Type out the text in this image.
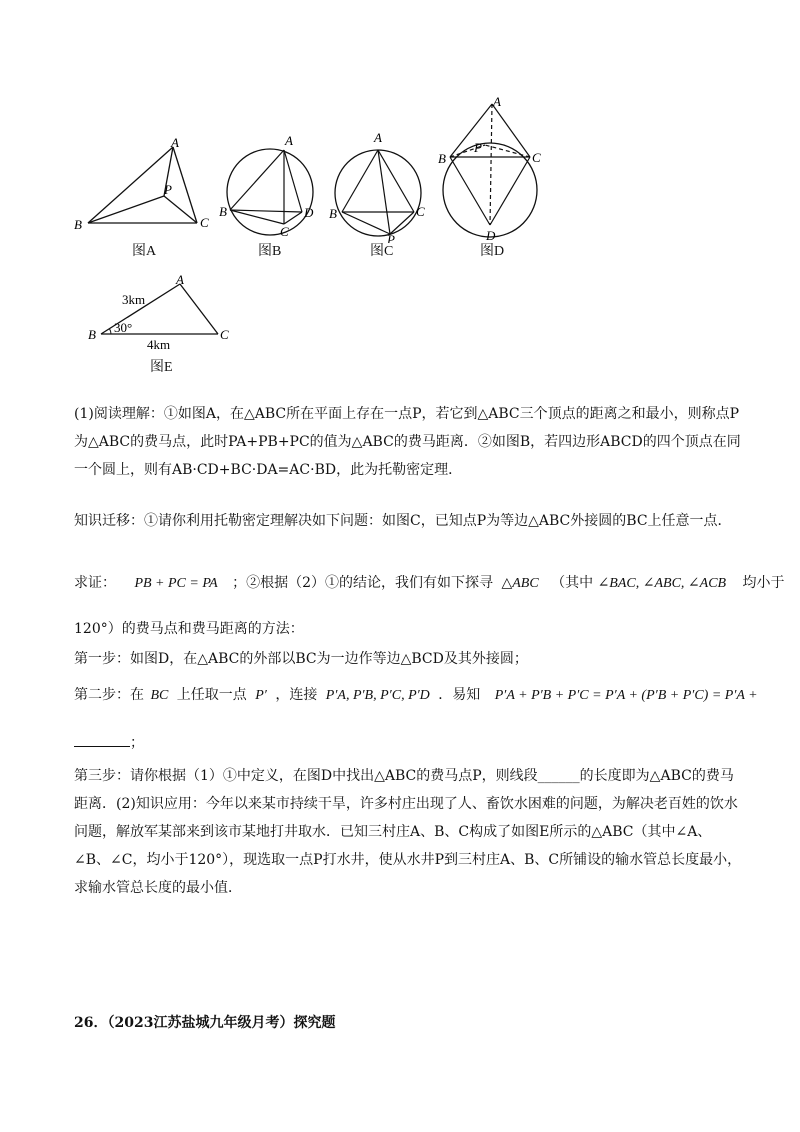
A
B	C
P
图A
A
B
C
D
图B
A
B	C
P
图C
A
B	C
D
P
图D
A
B	C
3km
4km
30°
图E
(1)阅读理解：①如图A，在△ABC所在平面上存在一点P，若它到△ABC三个顶点的距离之和最小，则称点P为△ABC的费马点，此时PA+PB+PC的值为△ABC的费马距离．②如图B，若四边形ABCD的四个顶点在同一个圆上，则有AB·CD+BC·DA=AC·BD，此为托勒密定理．
知识迁移：①请你利用托勒密定理解决如下问题：如图C，已知点P为等边△ABC外接圆的BC上任意一点．
求证： PB + PC = PA ；②根据（2）①的结论，我们有如下探寻 △ABC （其中 ∠BAC, ∠ABC, ∠ACB 均小于
120°）的费马点和费马距离的方法：
第一步：如图D，在△ABC的外部以BC为一边作等边△BCD及其外接圆；
第二步：在 BC 上任取一点 P′ ，连接 P′A, P′B, P′C, P′D ．易知 P′A + P′B + P′C = P′A + (P′B + P′C) = P′A +
；
第三步：请你根据（1）①中定义，在图D中找出△ABC的费马点P，则线段______的长度即为△ABC的费马距离．(2)知识应用：今年以来某市持续干旱，许多村庄出现了人、畜饮水困难的问题，为解决老百姓的饮水问题，解放军某部来到该市某地打井取水．已知三村庄A、B、C构成了如图E所示的△ABC（其中∠A、∠B、∠C，均小于120°），现选取一点P打水井，使从水井P到三村庄A、B、C所铺设的输水管总长度最小，求输水管总长度的最小值．
26．（2023江苏盐城九年级月考）探究题
